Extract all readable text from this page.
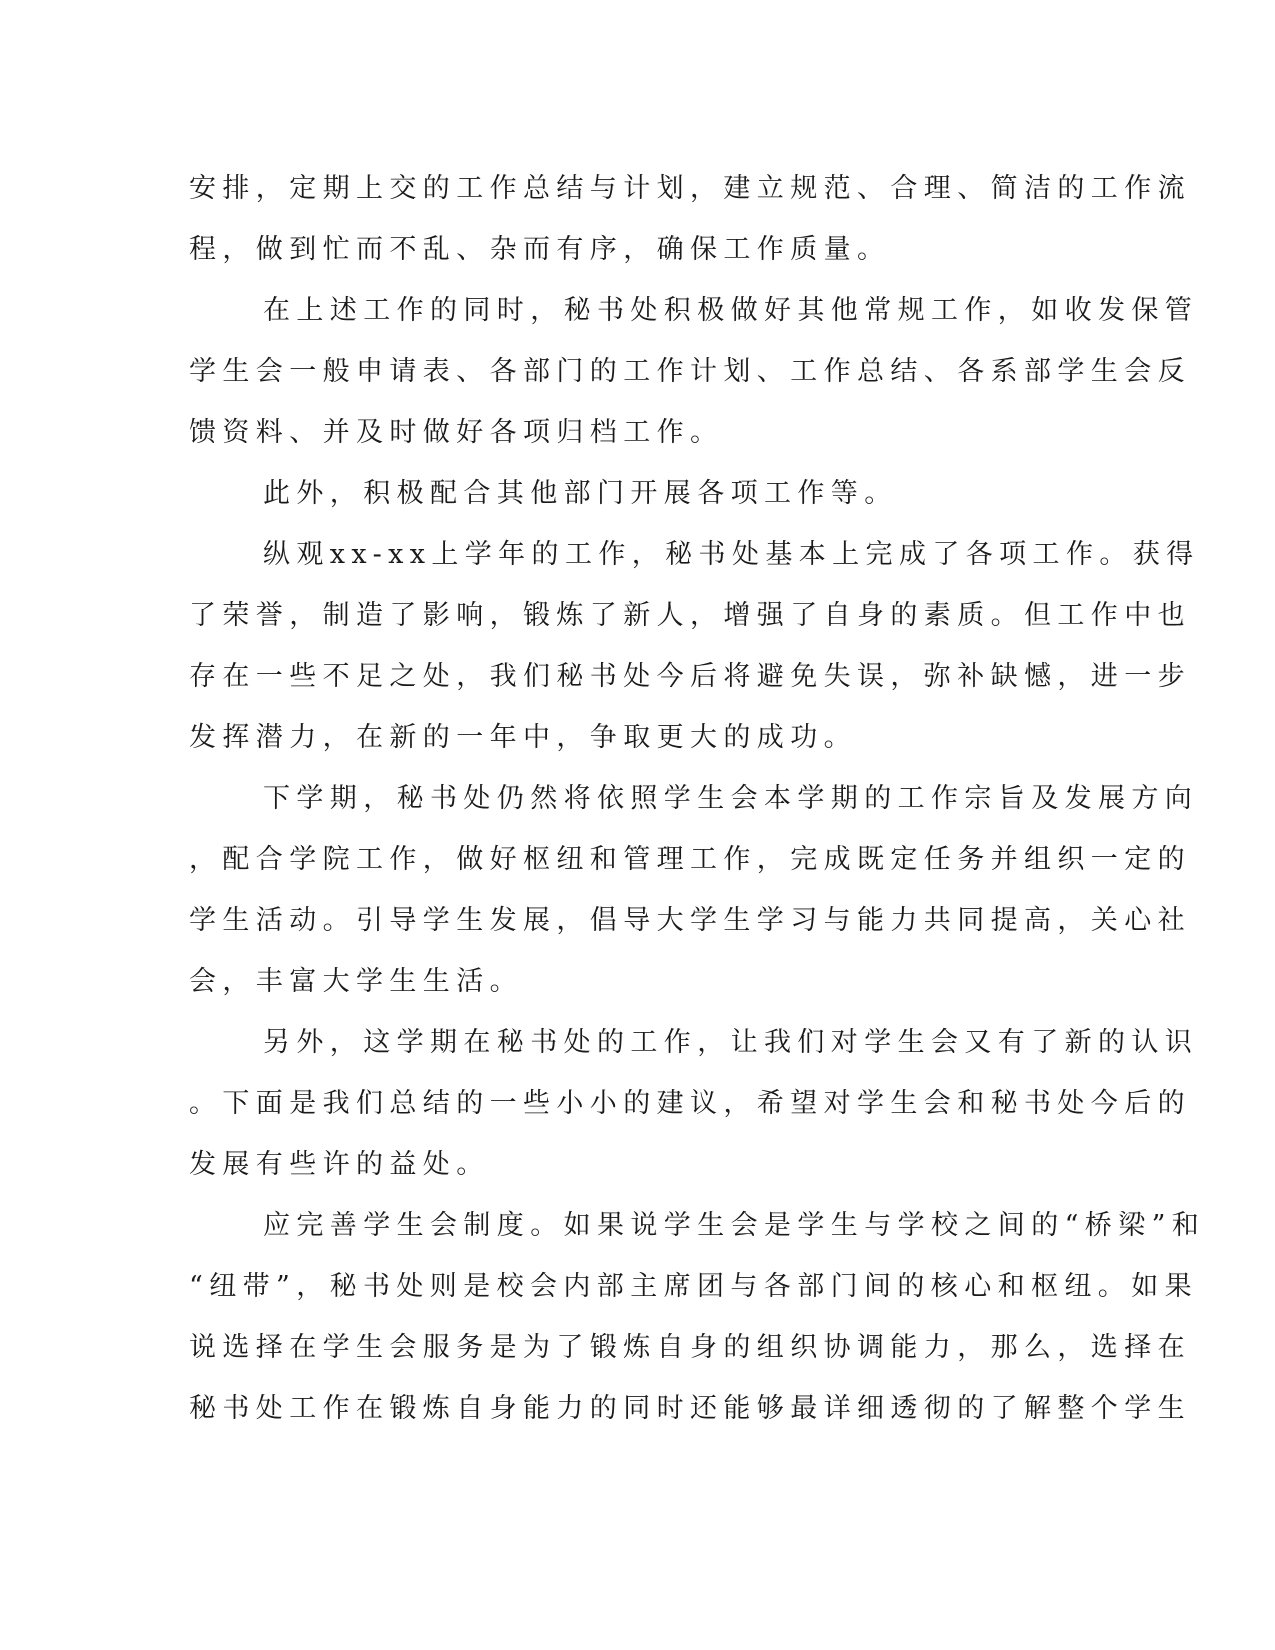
安排，定期上交的工作总结与计划，建立规范、合理、简洁的工作流
程，做到忙而不乱、杂而有序，确保工作质量。
在上述工作的同时，秘书处积极做好其他常规工作，如收发保管
学生会一般申请表、各部门的工作计划、工作总结、各系部学生会反
馈资料、并及时做好各项归档工作。
此外，积极配合其他部门开展各项工作等。
纵观xx-xx上学年的工作，秘书处基本上完成了各项工作。获得
了荣誉，制造了影响，锻炼了新人，增强了自身的素质。但工作中也
存在一些不足之处，我们秘书处今后将避免失误，弥补缺憾，进一步
发挥潜力，在新的一年中，争取更大的成功。
下学期，秘书处仍然将依照学生会本学期的工作宗旨及发展方向
，配合学院工作，做好枢纽和管理工作，完成既定任务并组织一定的
学生活动。引导学生发展，倡导大学生学习与能力共同提高，关心社
会，丰富大学生生活。
另外，这学期在秘书处的工作，让我们对学生会又有了新的认识
。下面是我们总结的一些小小的建议，希望对学生会和秘书处今后的
发展有些许的益处。
应完善学生会制度。如果说学生会是学生与学校之间的“桥梁”和
“纽带”，秘书处则是校会内部主席团与各部门间的核心和枢纽。如果
说选择在学生会服务是为了锻炼自身的组织协调能力，那么，选择在
秘书处工作在锻炼自身能力的同时还能够最详细透彻的了解整个学生
